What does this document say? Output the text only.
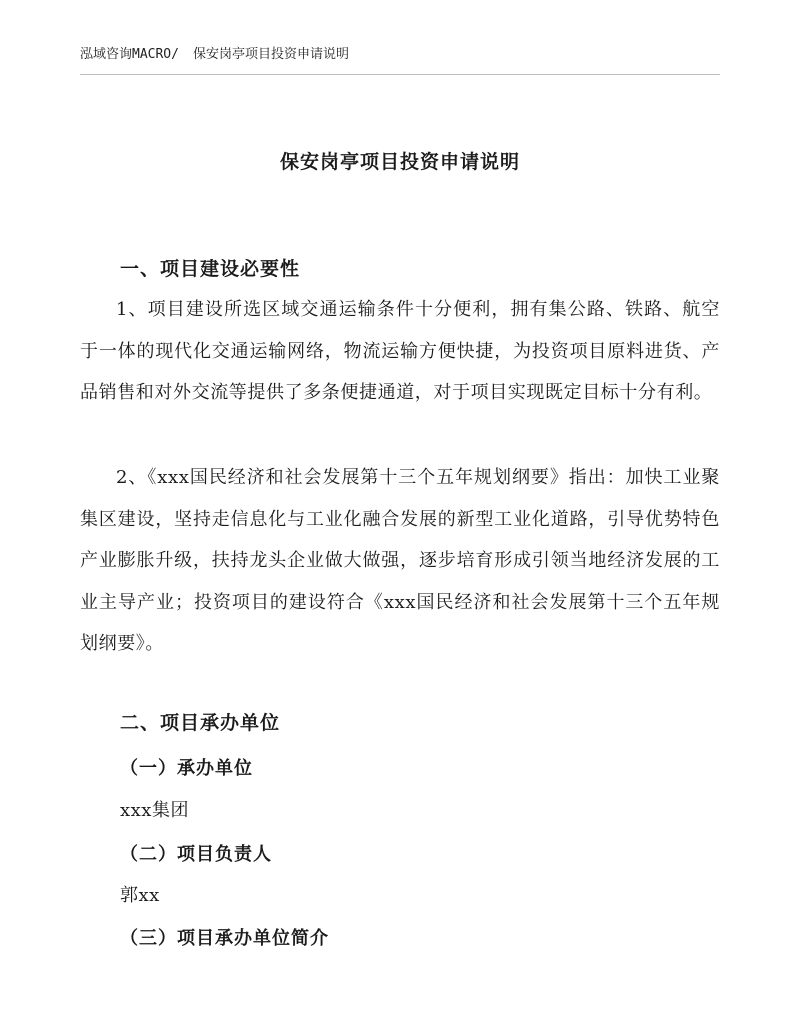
泓域咨询MACRO/ 保安岗亭项目投资申请说明
保安岗亭项目投资申请说明
一、项目建设必要性
1、项目建设所选区域交通运输条件十分便利，拥有集公路、铁路、航空于一体的现代化交通运输网络，物流运输方便快捷，为投资项目原料进货、产品销售和对外交流等提供了多条便捷通道，对于项目实现既定目标十分有利。
2、《xxx国民经济和社会发展第十三个五年规划纲要》指出：加快工业聚集区建设，坚持走信息化与工业化融合发展的新型工业化道路，引导优势特色产业膨胀升级，扶持龙头企业做大做强，逐步培育形成引领当地经济发展的工业主导产业；投资项目的建设符合《xxx国民经济和社会发展第十三个五年规划纲要》。
二、项目承办单位
（一）承办单位
xxx集团
（二）项目负责人
郭xx
（三）项目承办单位简介
